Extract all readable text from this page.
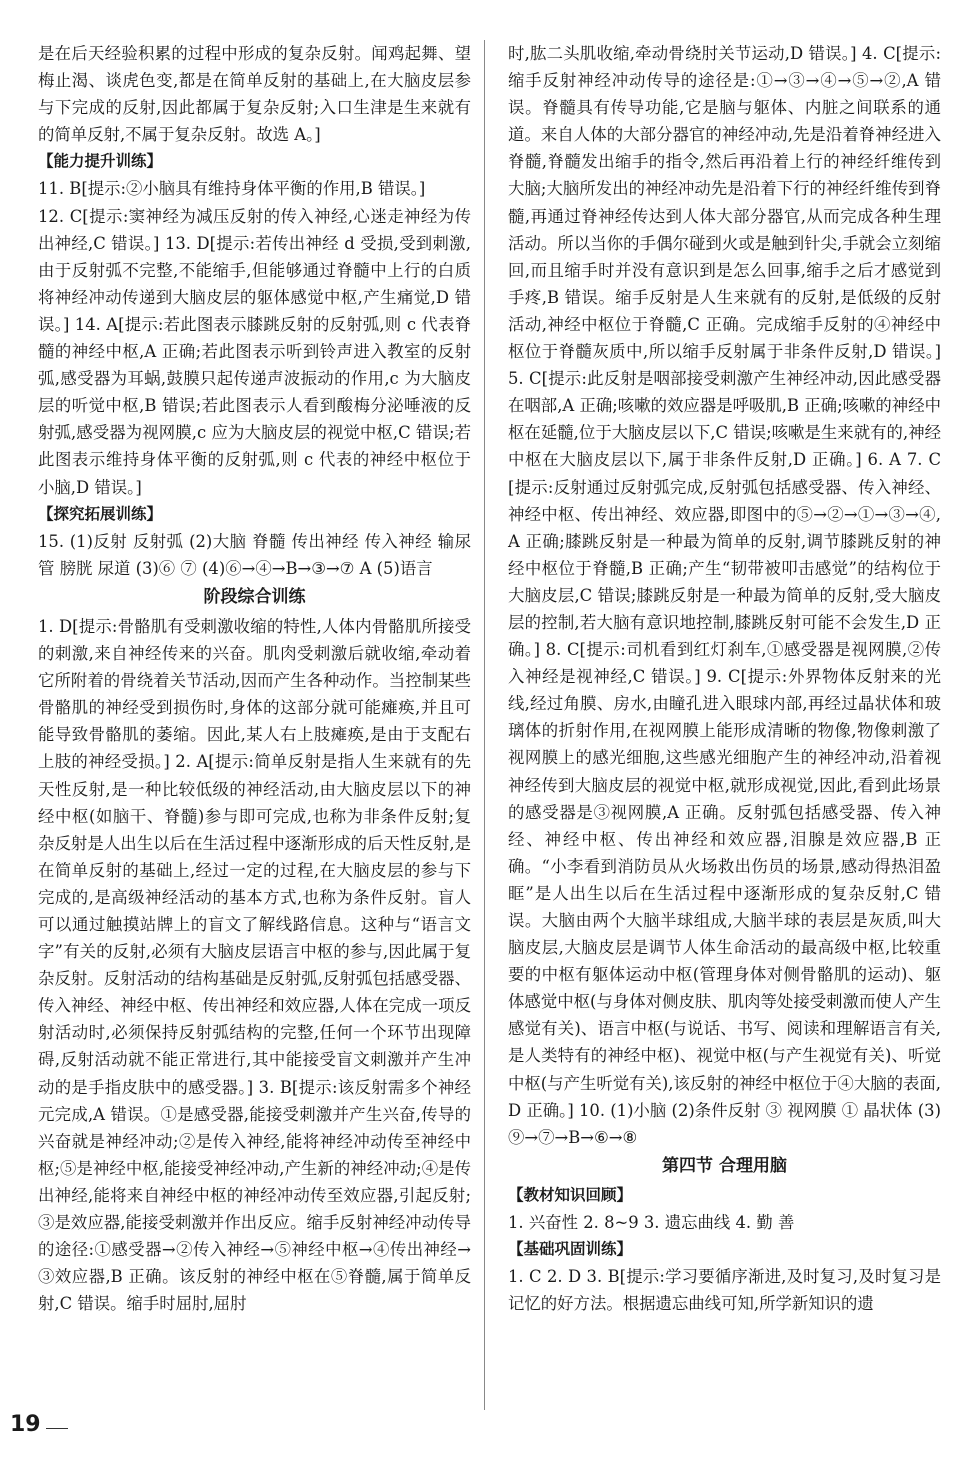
是在后天经验积累的过程中形成的复杂反射。闻鸡起舞、望梅止渴、谈虎色变,都是在简单反射的基础上,在大脑皮层参与下完成的反射,因此都属于复杂反射;入口生津是生来就有的简单反射,不属于复杂反射。故选 A。]

【能力提升训练】

11. B[提示:②小脑具有维持身体平衡的作用,B 错误。]

12. C[提示:窦神经为减压反射的传入神经,心迷走神经为传出神经,C 错误。] 13. D[提示:若传出神经 d 受损,受到刺激,由于反射弧不完整,不能缩手,但能够通过脊髓中上行的白质将神经冲动传递到大脑皮层的躯体感觉中枢,产生痛觉,D 错误。] 14. A[提示:若此图表示膝跳反射的反射弧,则 c 代表脊髓的神经中枢,A 正确;若此图表示听到铃声进入教室的反射弧,感受器为耳蜗,鼓膜只起传递声波振动的作用,c 为大脑皮层的听觉中枢,B 错误;若此图表示人看到酸梅分泌唾液的反射弧,感受器为视网膜,c 应为大脑皮层的视觉中枢,C 错误;若此图表示维持身体平衡的反射弧,则 c 代表的神经中枢位于小脑,D 错误。]

【探究拓展训练】

15. (1)反射 反射弧 (2)大脑 脊髓 传出神经 传入神经 输尿管 膀胱 尿道 (3)⑥ ⑦ (4)⑥→④→B→③→⑦ A (5)语言

阶段综合训练

1. D[提示:骨骼肌有受刺激收缩的特性,人体内骨骼肌所接受的刺激,来自神经传来的兴奋。肌肉受刺激后就收缩,牵动着它所附着的骨绕着关节活动,因而产生各种动作。当控制某些骨骼肌的神经受到损伤时,身体的这部分就可能瘫痪,并且可能导致骨骼肌的萎缩。因此,某人右上肢瘫痪,是由于支配右上肢的神经受损。] 2. A[提示:简单反射是指人生来就有的先天性反射,是一种比较低级的神经活动,由大脑皮层以下的神经中枢(如脑干、脊髓)参与即可完成,也称为非条件反射;复杂反射是人出生以后在生活过程中逐渐形成的后天性反射,是在简单反射的基础上,经过一定的过程,在大脑皮层的参与下完成的,是高级神经活动的基本方式,也称为条件反射。盲人可以通过触摸站牌上的盲文了解线路信息。这种与“语言文字”有关的反射,必须有大脑皮层语言中枢的参与,因此属于复杂反射。反射活动的结构基础是反射弧,反射弧包括感受器、传入神经、神经中枢、传出神经和效应器,人体在完成一项反射活动时,必须保持反射弧结构的完整,任何一个环节出现障碍,反射活动就不能正常进行,其中能接受盲文刺激并产生冲动的是手指皮肤中的感受器。] 3. B[提示:该反射需多个神经元完成,A 错误。①是感受器,能接受刺激并产生兴奋,传导的兴奋就是神经冲动;②是传入神经,能将神经冲动传至神经中枢;⑤是神经中枢,能接受神经冲动,产生新的神经冲动;④是传出神经,能将来自神经中枢的神经冲动传至效应器,引起反射;③是效应器,能接受刺激并作出反应。缩手反射神经冲动传导的途径:①感受器→②传入神经→⑤神经中枢→④传出神经→③效应器,B 正确。该反射的神经中枢在⑤脊髓,属于简单反射,C 错误。缩手时屈肘,屈肘

时,肱二头肌收缩,牵动骨绕肘关节运动,D 错误。] 4. C[提示:缩手反射神经冲动传导的途径是:①→③→④→⑤→②,A 错误。脊髓具有传导功能,它是脑与躯体、内脏之间联系的通道。来自人体的大部分器官的神经冲动,先是沿着脊神经进入脊髓,脊髓发出缩手的指令,然后再沿着上行的神经纤维传到大脑;大脑所发出的神经冲动先是沿着下行的神经纤维传到脊髓,再通过脊神经传达到人体大部分器官,从而完成各种生理活动。所以当你的手偶尔碰到火或是触到针尖,手就会立刻缩回,而且缩手时并没有意识到是怎么回事,缩手之后才感觉到手疼,B 错误。缩手反射是人生来就有的反射,是低级的反射活动,神经中枢位于脊髓,C 正确。完成缩手反射的④神经中枢位于脊髓灰质中,所以缩手反射属于非条件反射,D 错误。] 5. C[提示:此反射是咽部接受刺激产生神经冲动,因此感受器在咽部,A 正确;咳嗽的效应器是呼吸肌,B 正确;咳嗽的神经中枢在延髓,位于大脑皮层以下,C 错误;咳嗽是生来就有的,神经中枢在大脑皮层以下,属于非条件反射,D 正确。] 6. A 7. C[提示:反射通过反射弧完成,反射弧包括感受器、传入神经、神经中枢、传出神经、效应器,即图中的⑤→②→①→③→④,A 正确;膝跳反射是一种最为简单的反射,调节膝跳反射的神经中枢位于脊髓,B 正确;产生“韧带被叩击感觉”的结构位于大脑皮层,C 错误;膝跳反射是一种最为简单的反射,受大脑皮层的控制,若大脑有意识地控制,膝跳反射可能不会发生,D 正确。] 8. C[提示:司机看到红灯刹车,①感受器是视网膜,②传入神经是视神经,C 错误。] 9. C[提示:外界物体反射来的光线,经过角膜、房水,由瞳孔进入眼球内部,再经过晶状体和玻璃体的折射作用,在视网膜上能形成清晰的物像,物像刺激了视网膜上的感光细胞,这些感光细胞产生的神经冲动,沿着视神经传到大脑皮层的视觉中枢,就形成视觉,因此,看到此场景的感受器是③视网膜,A 正确。反射弧包括感受器、传入神经、神经中枢、传出神经和效应器,泪腺是效应器,B 正确。“小李看到消防员从火场救出伤员的场景,感动得热泪盈眶”是人出生以后在生活过程中逐渐形成的复杂反射,C 错误。大脑由两个大脑半球组成,大脑半球的表层是灰质,叫大脑皮层,大脑皮层是调节人体生命活动的最高级中枢,比较重要的中枢有躯体运动中枢(管理身体对侧骨骼肌的运动)、躯体感觉中枢(与身体对侧皮肤、肌肉等处接受刺激而使人产生感觉有关)、语言中枢(与说话、书写、阅读和理解语言有关,是人类特有的神经中枢)、视觉中枢(与产生视觉有关)、听觉中枢(与产生听觉有关),该反射的神经中枢位于④大脑的表面,D 正确。] 10. (1)小脑 (2)条件反射 ③ 视网膜 ① 晶状体 (3)⑨→⑦→B→⑥→⑧

第四节 合理用脑

【教材知识回顾】

1. 兴奋性 2. 8~9 3. 遗忘曲线 4. 勤 善

【基础巩固训练】

1. C 2. D 3. B[提示:学习要循序渐进,及时复习,及时复习是记忆的好方法。根据遗忘曲线可知,所学新知识的遗

19
